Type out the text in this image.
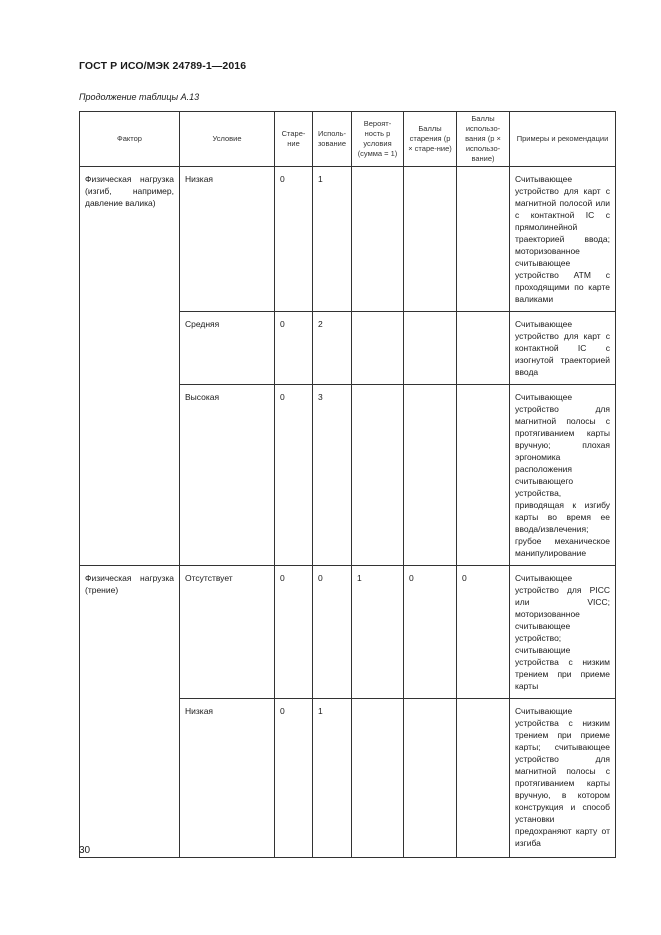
ГОСТ Р ИСО/МЭК 24789-1—2016
Продолжение таблицы А.13
Фактор	Условие	Старе-ние	Исполь-зование	Вероят-ность p условия (сумма = 1)	Баллы старения (p × старе-ние)	Баллы использо-вания (p × использо-вание)	Примеры и рекомендации
Физическая нагрузка (изгиб, например, давление валика)	Низкая	0	1				Считывающее устройство для карт с магнитной полосой или с контактной IC с прямолинейной траекторией ввода; моторизованное считывающее устройство АТМ с проходящими по карте валиками
	Средняя	0	2				Считывающее устройство для карт с контактной IC с изогнутой траекторией ввода
	Высокая	0	3				Считывающее устройство для магнитной полосы с протягиванием карты вручную; плохая эргономика расположения считывающего устройства, приводящая к изгибу карты во время ее ввода/извлечения; грубое механическое манипулирование
Физическая нагрузка (трение)	Отсутствует	0	0	1	0	0	Считывающее устройство для PICC или VICC; моторизованное считывающее устройство; считывающие устройства с низким трением при приеме карты
	Низкая	0	1				Считывающие устройства с низким трением при приеме карты; считывающее устройство для магнитной полосы с протягиванием карты вручную, в котором конструкция и способ установки предохраняют карту от изгиба
30
